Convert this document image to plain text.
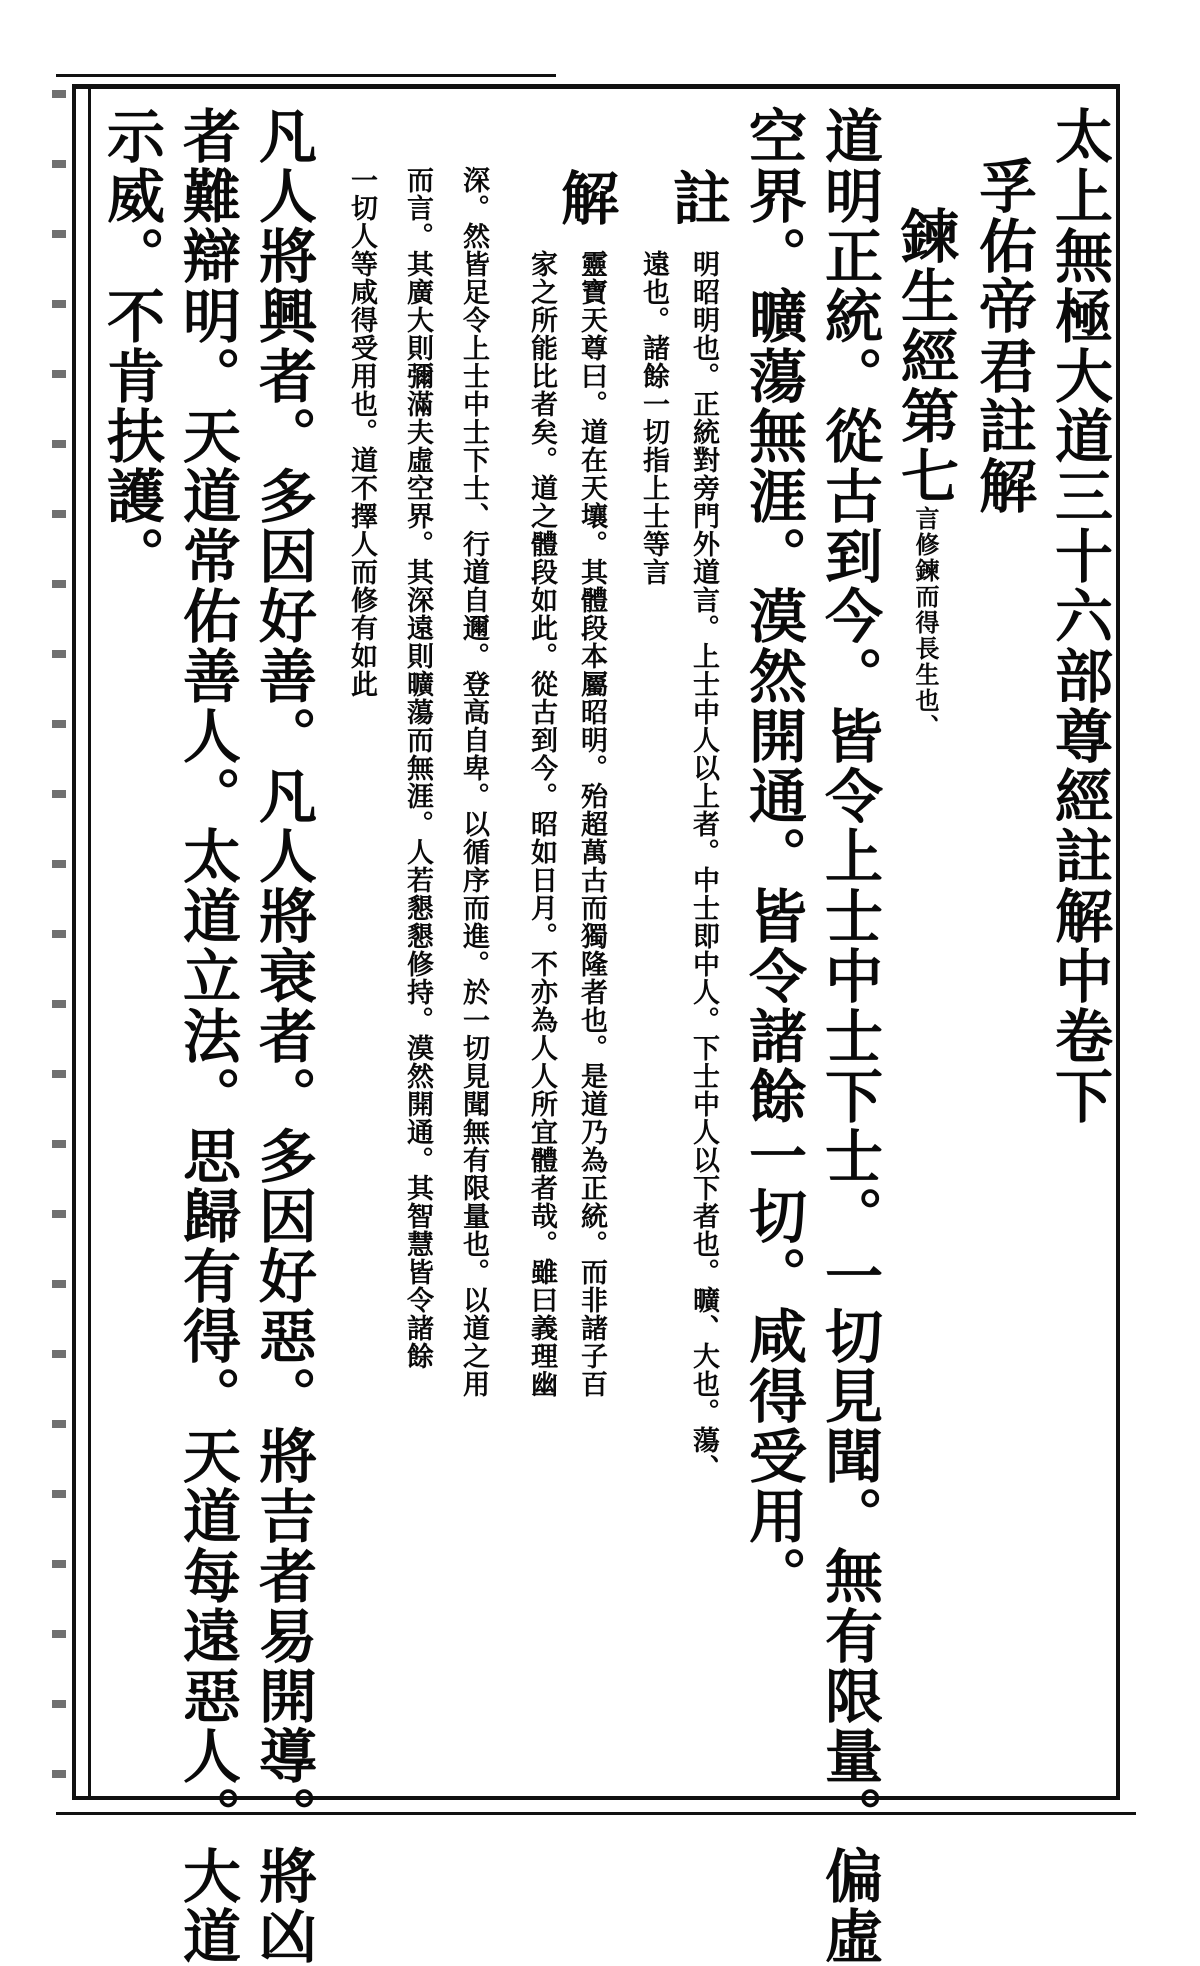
太上無極大道三十六部尊經註解中卷下
孚佑帝君註解
鍊生經第七言修鍊而得長生也、
道明正統。從古到今。皆令上士中士下士。一切見聞。無有限量。偏虛
空界。曠蕩無涯。漠然開通。皆令諸餘一切。咸得受用。
註
明昭明也。正統對旁門外道言。上士中人以上者。中士即中人。下士中人以下者也。曠、大也。蕩、
遠也。諸餘一切指上士等言
解
靈寶天尊曰。道在天壤。其體段本屬昭明。殆超萬古而獨隆者也。是道乃為正統。而非諸子百
家之所能比者矣。道之體段如此。從古到今。昭如日月。不亦為人人所宜體者哉。雖曰義理幽
深。然皆足令上士中士下士、行道自邇。登高自卑。以循序而進。於一切見聞無有限量也。以道之用
而言。其廣大則彌滿夫虛空界。其深遠則曠蕩而無涯。人若懇懇修持。漠然開通。其智慧皆令諸餘
一切人等咸得受用也。道不擇人而修有如此
凡人將興者。多因好善。凡人將衰者。多因好惡。將吉者易開導。將凶
者難辯明。天道常佑善人。太道立法。思歸有得。天道每遠惡人。大道
示威。不肯扶護。
